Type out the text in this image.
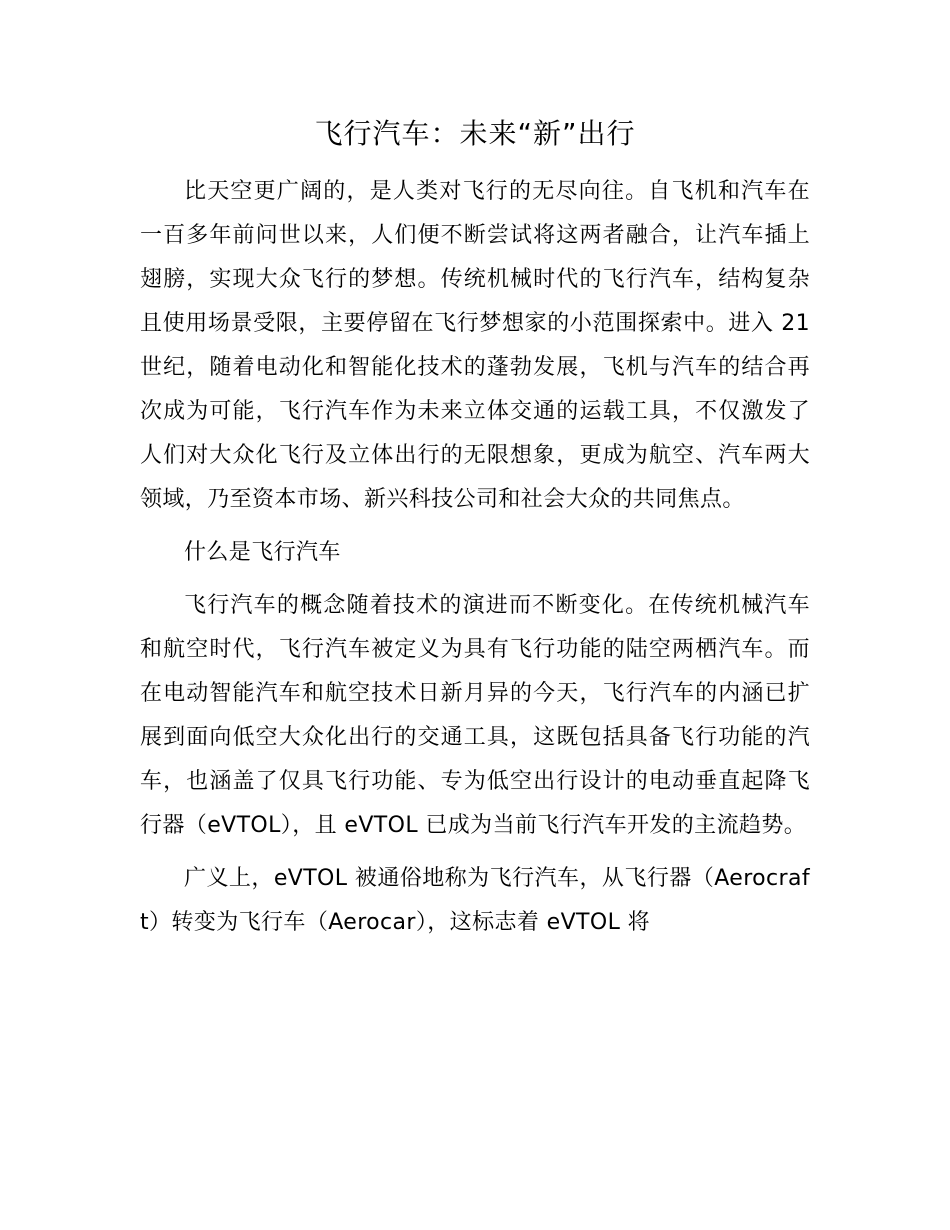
飞行汽车：未来“新”出行

比天空更广阔的，是人类对飞行的无尽向往。自飞机和汽车在一百多年前问世以来，人们便不断尝试将这两者融合，让汽车插上翅膀，实现大众飞行的梦想。传统机械时代的飞行汽车，结构复杂且使用场景受限，主要停留在飞行梦想家的小范围探索中。进入 21 世纪，随着电动化和智能化技术的蓬勃发展，飞机与汽车的结合再次成为可能，飞行汽车作为未来立体交通的运载工具，不仅激发了人们对大众化飞行及立体出行的无限想象，更成为航空、汽车两大领域，乃至资本市场、新兴科技公司和社会大众的共同焦点。

什么是飞行汽车

飞行汽车的概念随着技术的演进而不断变化。在传统机械汽车和航空时代，飞行汽车被定义为具有飞行功能的陆空两栖汽车。而在电动智能汽车和航空技术日新月异的今天，飞行汽车的内涵已扩展到面向低空大众化出行的交通工具，这既包括具备飞行功能的汽车，也涵盖了仅具飞行功能、专为低空出行设计的电动垂直起降飞行器（eVTOL），且 eVTOL 已成为当前飞行汽车开发的主流趋势。

广义上，eVTOL 被通俗地称为飞行汽车，从飞行器（Aerocraft）转变为飞行车（Aerocar），这标志着 eVTOL 将
